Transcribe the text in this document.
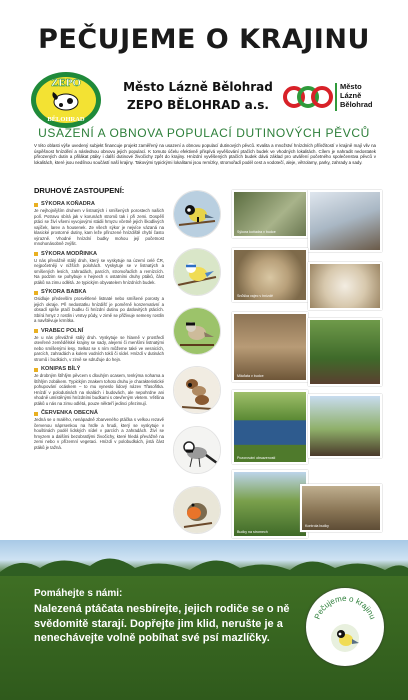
PEČUJEME O KRAJINU
ZEPO
BĚLOHRAD
Město Lázně Bělohrad
ZEPO BĚLOHRAD a.s.
Město
Lázně
Bělohrad
USAZENÍ A OBNOVA POPULACÍ DUTINOVÝCH PĚVCŮ
V této oblasti výše uvedený subjekt financuje projekt zaměřený na usazení a obnovu populací dutinových pěvců. Kvalita a množství hnízdních příležitostí v krajině mají vliv na úspěšnost hnízdění a následnou obnovu jejich populací. K tomuto účelu efektivně přispívá vyvěšování ptačích budek ve vhodných lokalitách. Cílem je nahradit nedostatek přirozených dutin a přilákat ptáky i další dutinové živočichy zpět do krajiny. Hnízdní vyvěšených ptačích budek dává základ pro utváření početného společenstva pěvců v lokalitách, které jsou nedílnou součástí naší krajiny. Takovými typickými lokalitami jsou remízky, stromořadí podél cest a vodotečí, aleje, větrolamy, parky, zahrady a sady.
DRUHOVÉ ZASTOUPENÍ:
SÝKORA KOŇADRA
Je nejhojnějším druhem v listnatých i smíšených porostech našich polí. Potravu sbírá jak v korunách stromů tak i při zemi. Dospělí ptáci se živí všemi vyvojovými stádii hmyzu včetně jejich škodlivých vajíček, larev a housenek. Ze všech sýkor je nejvíce vázaná na klasické prostorné dutiny, kam leže přirozené hnízdiště chybí často výrazně. Vhodné hnízdní budky mohou její početnost mnohonásobně zvýšit.
SÝKORA MODŘINKA
U nás převážně stálý druh, který se vyskytuje na území celé ČR, nejpočetněji v nižších polohách. Vyskytuje se v listnatých a smíšených lesích, zahradách, parcích, stromořadích a remízcích. Na podzim se pohybuje v hejnech s ostatními druhy ptáků, část ptáků na zimu odlétá. Je typickým obyvatelem hnízdních budek.
SÝKORA BABKA
Osidluje především prosvětlené listnaté nebo smíšené porosty a jejich okraje. Při nedostatku hnízdišť je poměrně konzervativní a obsadí spíše ptačí budku či hnízdní dutinu po datlovitých ptácích. Sbírá hmyz z rostlin i vrstvy půdy, v zimě se přiživuje semeny rostlin a navštěvuje krmítka.
VRABEC POLNÍ
Je u nás převážně stálý druh. Vyskytuje se hlavně v prostředí otevřené zemědělské krajiny se sady, alejemi či menšími listnatými nebo smíšenými lesy. Selkat se s ním můžeme také ve vesnicích, parcích, zahradách a kolem vodních toků či sídel. Hnízdí v dutinách stromů i budkách, v zimě se sdružuje do hejn.
KONIPAS BÍLÝ
Je drobným štíhlým pěvcem s dlouhým ocasem, tenkýma nohama a štíhlým zobákem. Typickým znakem tohoto druhu je charakteristické pohupování ocáskem – to mu vyneslo lidový název Třasořitka. Hnízdí v polodutinách na skalách i budovách, ale nepohrdne ani vhodně umístěnými hnízdními budkami s otevřeným vletem. Většina ptáků u nás na zimu odlétá, pouze někteří jedinci přezimují.
ČERVENKA OBECNÁ
Jedná se o malého, nenápadně zbarveného ptáčka s velkou rezavě červenou náprsenkou na hrdle a hrudi, který se vyskytuje v houštinách podél lidských sídel v parcích a zahradách. Živí se hmyzem a dalšími bezobratlými živočichy, které hledá převážně na zemi nebo v přízemní vegetaci. Hnízdí v polobudkách, jistá část ptáků je tažná.
Sýkora koňadra v budce
Snůška vajec v hnízdě
Mláďata v budce
Pozorování obsazenosti
Budky na stromech
Kontrola budky
Pomáhejte s námi:
Nalezená ptáčata nesbírejte, jejich rodiče se o ně svědomitě starají. Dopřejte jim klid, nerušte je a nenechávejte volně pobíhat své psí mazlíčky.
Pečujeme o krajinu
